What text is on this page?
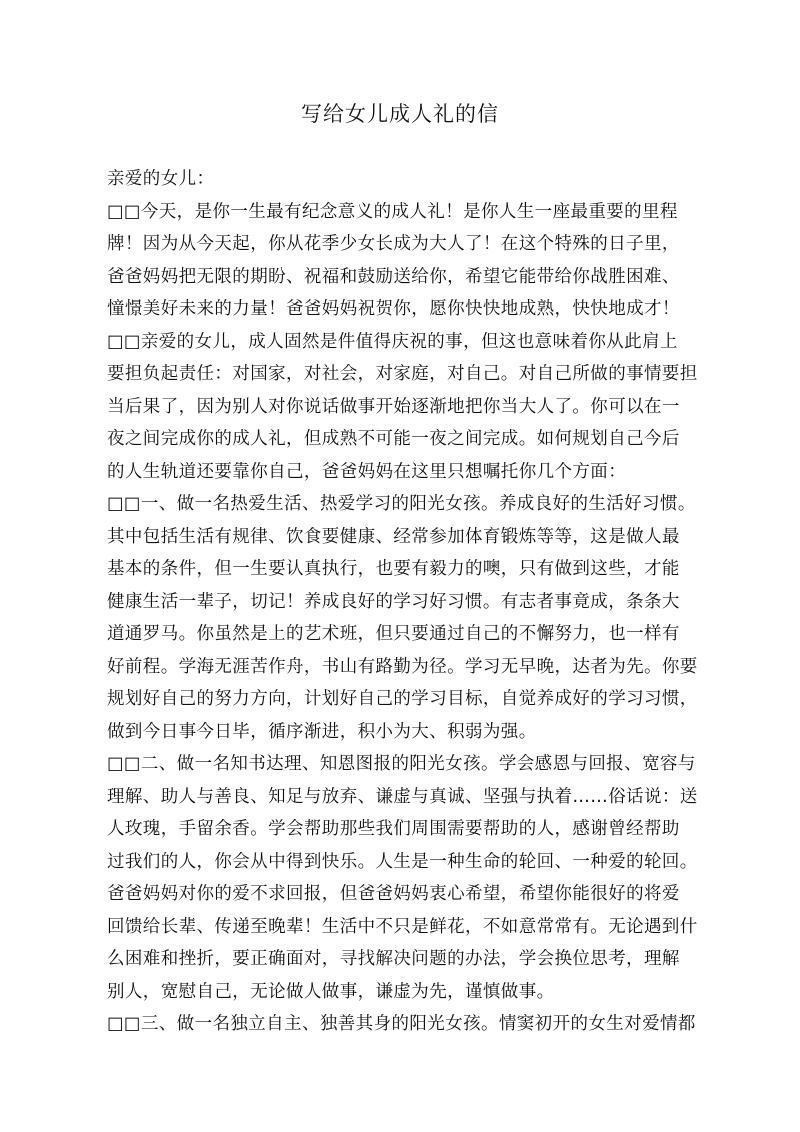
写给女儿成人礼的信
亲爱的女儿：
□□今天，是你一生最有纪念意义的成人礼！是你人生一座最重要的里程
牌！因为从今天起，你从花季少女长成为大人了！在这个特殊的日子里，
爸爸妈妈把无限的期盼、祝福和鼓励送给你，希望它能带给你战胜困难、
憧憬美好未来的力量！爸爸妈妈祝贺你，愿你快快地成熟，快快地成才！
□□亲爱的女儿，成人固然是件值得庆祝的事，但这也意味着你从此肩上
要担负起责任：对国家，对社会，对家庭，对自己。对自己所做的事情要担
当后果了，因为别人对你说话做事开始逐渐地把你当大人了。你可以在一
夜之间完成你的成人礼，但成熟不可能一夜之间完成。如何规划自己今后
的人生轨道还要靠你自己，爸爸妈妈在这里只想嘱托你几个方面：
□□一、做一名热爱生活、热爱学习的阳光女孩。养成良好的生活好习惯。
其中包括生活有规律、饮食要健康、经常参加体育锻炼等等，这是做人最
基本的条件，但一生要认真执行，也要有毅力的噢，只有做到这些，才能
健康生活一辈子，切记！养成良好的学习好习惯。有志者事竟成，条条大
道通罗马。你虽然是上的艺术班，但只要通过自己的不懈努力，也一样有
好前程。学海无涯苦作舟，书山有路勤为径。学习无早晚，达者为先。你要
规划好自己的努力方向，计划好自己的学习目标，自觉养成好的学习习惯，
做到今日事今日毕，循序渐进，积小为大、积弱为强。
□□二、做一名知书达理、知恩图报的阳光女孩。学会感恩与回报、宽容与
理解、助人与善良、知足与放弃、谦虚与真诚、坚强与执着……俗话说：送
人玫瑰，手留余香。学会帮助那些我们周围需要帮助的人，感谢曾经帮助
过我们的人，你会从中得到快乐。人生是一种生命的轮回、一种爱的轮回。
爸爸妈妈对你的爱不求回报，但爸爸妈妈衷心希望，希望你能很好的将爱
回馈给长辈、传递至晚辈！生活中不只是鲜花，不如意常常有。无论遇到什
么困难和挫折，要正确面对，寻找解决问题的办法，学会换位思考，理解
别人，宽慰自己，无论做人做事，谦虚为先，谨慎做事。
□□三、做一名独立自主、独善其身的阳光女孩。情窦初开的女生对爱情都
